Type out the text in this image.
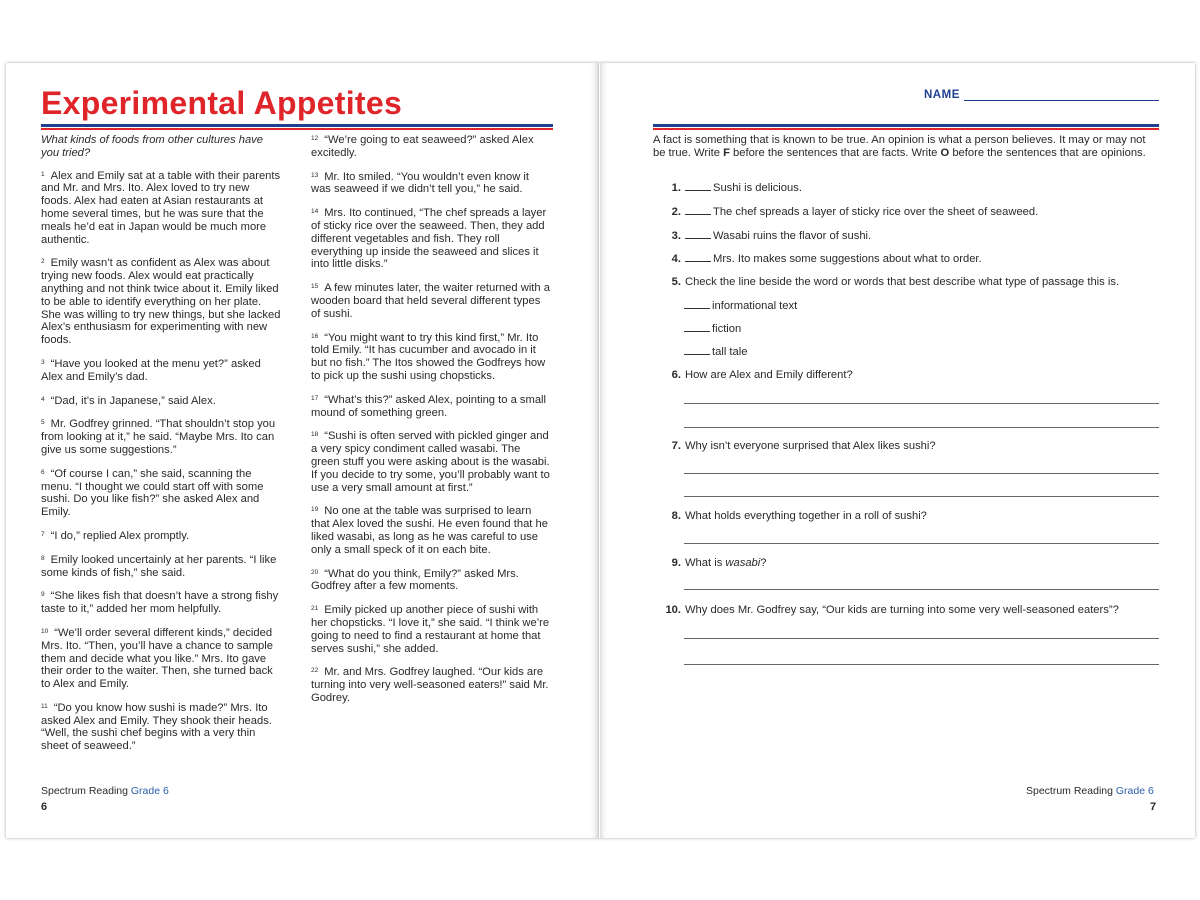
Experimental Appetites

What kinds of foods from other cultures have you tried?

$^1$ Alex and Emily sat at a table with their parents and Mr. and Mrs. Ito. Alex loved to try new foods. Alex had eaten at Asian restaurants at home several times, but he was sure that the meals he’d eat in Japan would be much more authentic.

$^2$ Emily wasn’t as confident as Alex was about trying new foods. Alex would eat practically anything and not think twice about it. Emily liked to be able to identify everything on her plate. She was willing to try new things, but she lacked Alex’s enthusiasm for experimenting with new foods.

$^3$ “Have you looked at the menu yet?” asked Alex and Emily’s dad.

$^4$ “Dad, it’s in Japanese,” said Alex.

$^5$ Mr. Godfrey grinned. “That shouldn’t stop you from looking at it,” he said. “Maybe Mrs. Ito can give us some suggestions.”

$^6$ “Of course I can,” she said, scanning the menu. “I thought we could start off with some sushi. Do you like fish?” she asked Alex and Emily.

$^7$ “I do,” replied Alex promptly.

$^8$ Emily looked uncertainly at her parents. “I like some kinds of fish,” she said.

$^9$ “She likes fish that doesn’t have a strong fishy taste to it,” added her mom helpfully.

$^{10}$ “We’ll order several different kinds,” decided Mrs. Ito. “Then, you’ll have a chance to sample them and decide what you like.” Mrs. Ito gave their order to the waiter. Then, she turned back to Alex and Emily.

$^{11}$ “Do you know how sushi is made?” Mrs. Ito asked Alex and Emily. They shook their heads. “Well, the sushi chef begins with a very thin sheet of seaweed.”

$^{12}$ “We’re going to eat seaweed?” asked Alex excitedly.

$^{13}$ Mr. Ito smiled. “You wouldn’t even know it was seaweed if we didn’t tell you,” he said.

$^{14}$ Mrs. Ito continued, “The chef spreads a layer of sticky rice over the seaweed. Then, they add different vegetables and fish. They roll everything up inside the seaweed and slices it into little disks.”

$^{15}$ A few minutes later, the waiter returned with a wooden board that held several different types of sushi.

$^{16}$ “You might want to try this kind first,” Mr. Ito told Emily. “It has cucumber and avocado in it but no fish.” The Itos showed the Godfreys how to pick up the sushi using chopsticks.

$^{17}$ “What’s this?” asked Alex, pointing to a small mound of something green.

$^{18}$ “Sushi is often served with pickled ginger and a very spicy condiment called wasabi. The green stuff you were asking about is the wasabi. If you decide to try some, you’ll probably want to use a very small amount at first.”

$^{19}$ No one at the table was surprised to learn that Alex loved the sushi. He even found that he liked wasabi, as long as he was careful to use only a small speck of it on each bite.

$^{20}$ “What do you think, Emily?” asked Mrs. Godfrey after a few moments.

$^{21}$ Emily picked up another piece of sushi with her chopsticks. “I love it,” she said. “I think we’re going to need to find a restaurant at home that serves sushi,” she added.

$^{22}$ Mr. and Mrs. Godfrey laughed. “Our kids are turning into very well-seasoned eaters!” said Mr. Godrey.

Spectrum Reading Grade 6
6
NAME
A fact is something that is known to be true. An opinion is what a person believes. It may or may not be true. Write F before the sentences that are facts. Write O before the sentences that are opinions.
Spectrum Reading Grade 6
7
1.	Sushi is delicious.
2.	The chef spreads a layer of sticky rice over the sheet of seaweed.
3.	Wasabi ruins the flavor of sushi.
4.	Mrs. Ito makes some suggestions about what to order.
5. Check the line beside the word or words that best describe what type of passage this is.
6. How are Alex and Emily different?
7. Why isn’t everyone surprised that Alex likes sushi?
8. What holds everything together in a roll of sushi?
9. What is wasabi?
10. Why does Mr. Godfrey say, “Our kids are turning into some very well-seasoned eaters”?
informational text
fiction
tall tale
